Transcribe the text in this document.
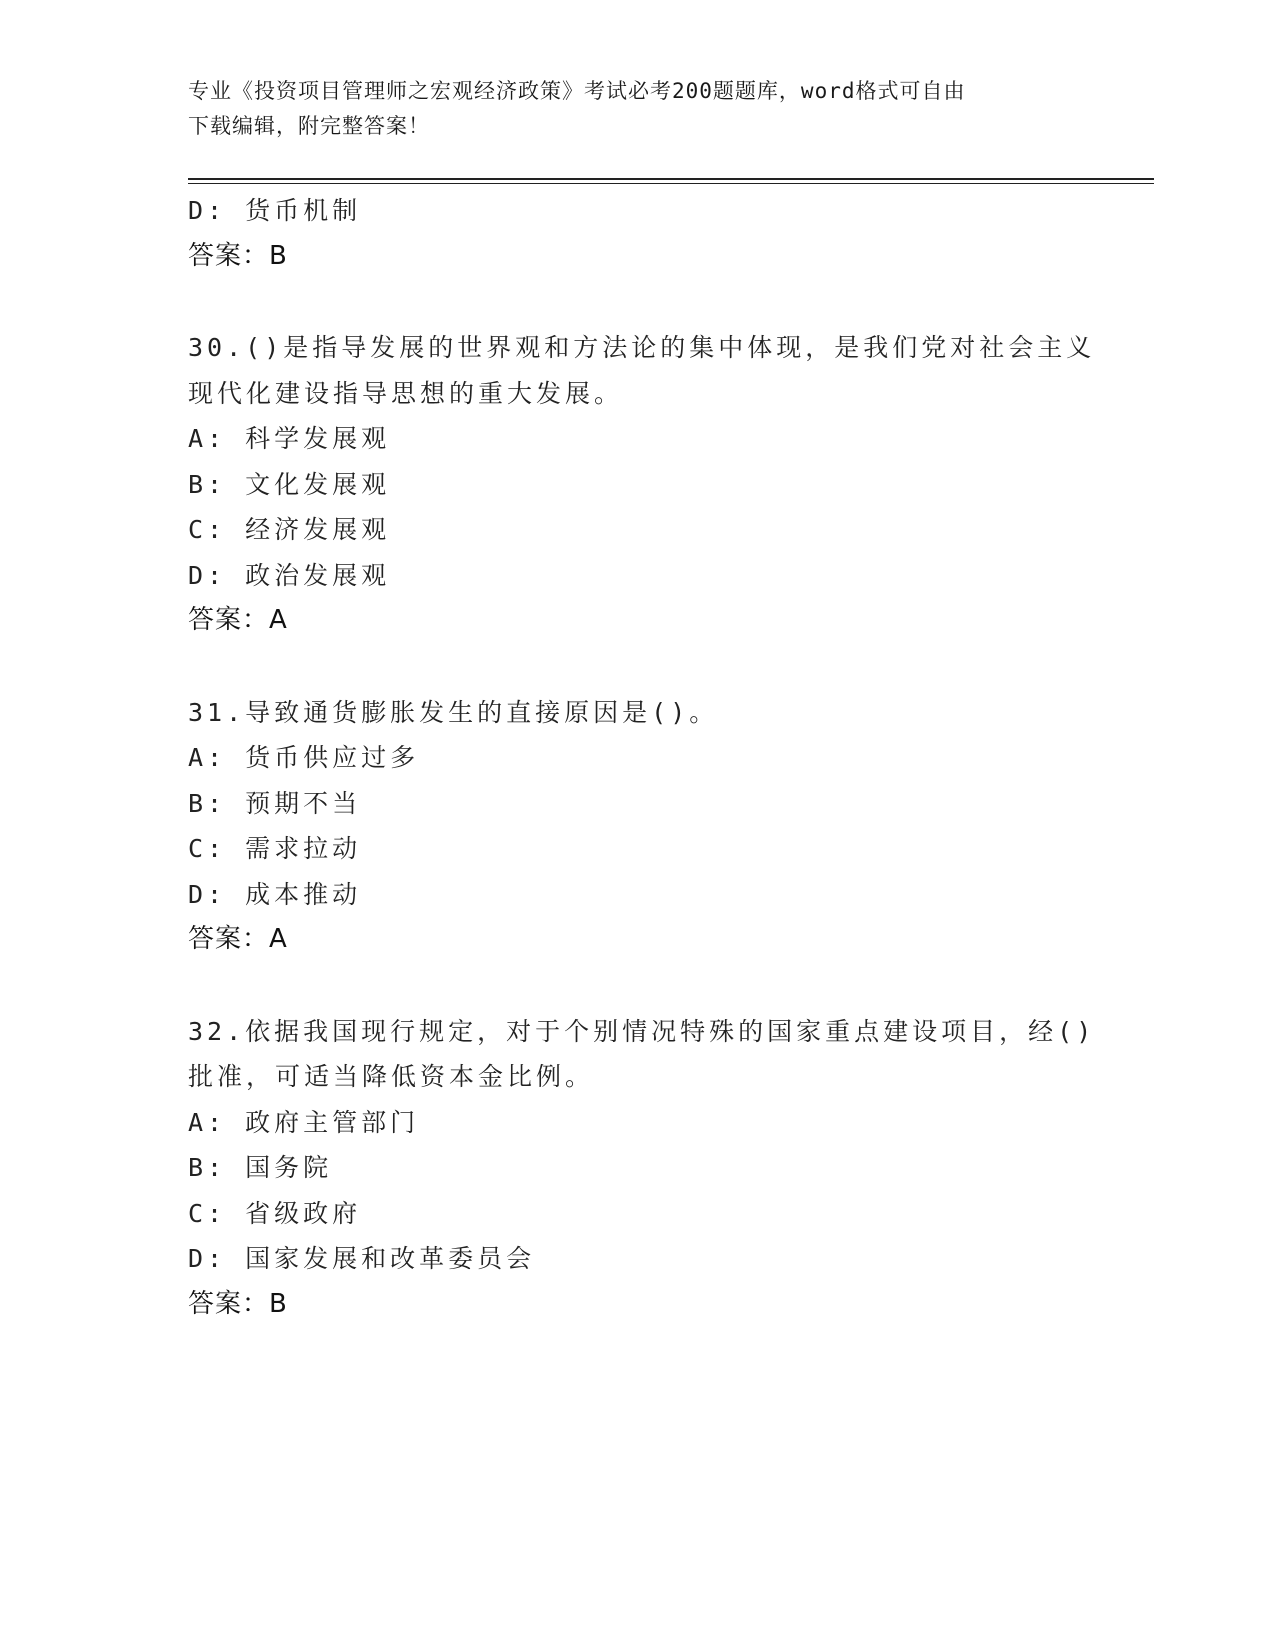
专业《投资项目管理师之宏观经济政策》考试必考200题题库，word格式可自由
下载编辑，附完整答案！
D: 货币机制
答案：B
30.()是指导发展的世界观和方法论的集中体现，是我们党对社会主义
现代化建设指导思想的重大发展。
A: 科学发展观
B: 文化发展观
C: 经济发展观
D: 政治发展观
答案：A
31.导致通货膨胀发生的直接原因是()。
A: 货币供应过多
B: 预期不当
C: 需求拉动
D: 成本推动
答案：A
32.依据我国现行规定，对于个别情况特殊的国家重点建设项目，经()
批准，可适当降低资本金比例。
A: 政府主管部门
B: 国务院
C: 省级政府
D: 国家发展和改革委员会
答案：B
